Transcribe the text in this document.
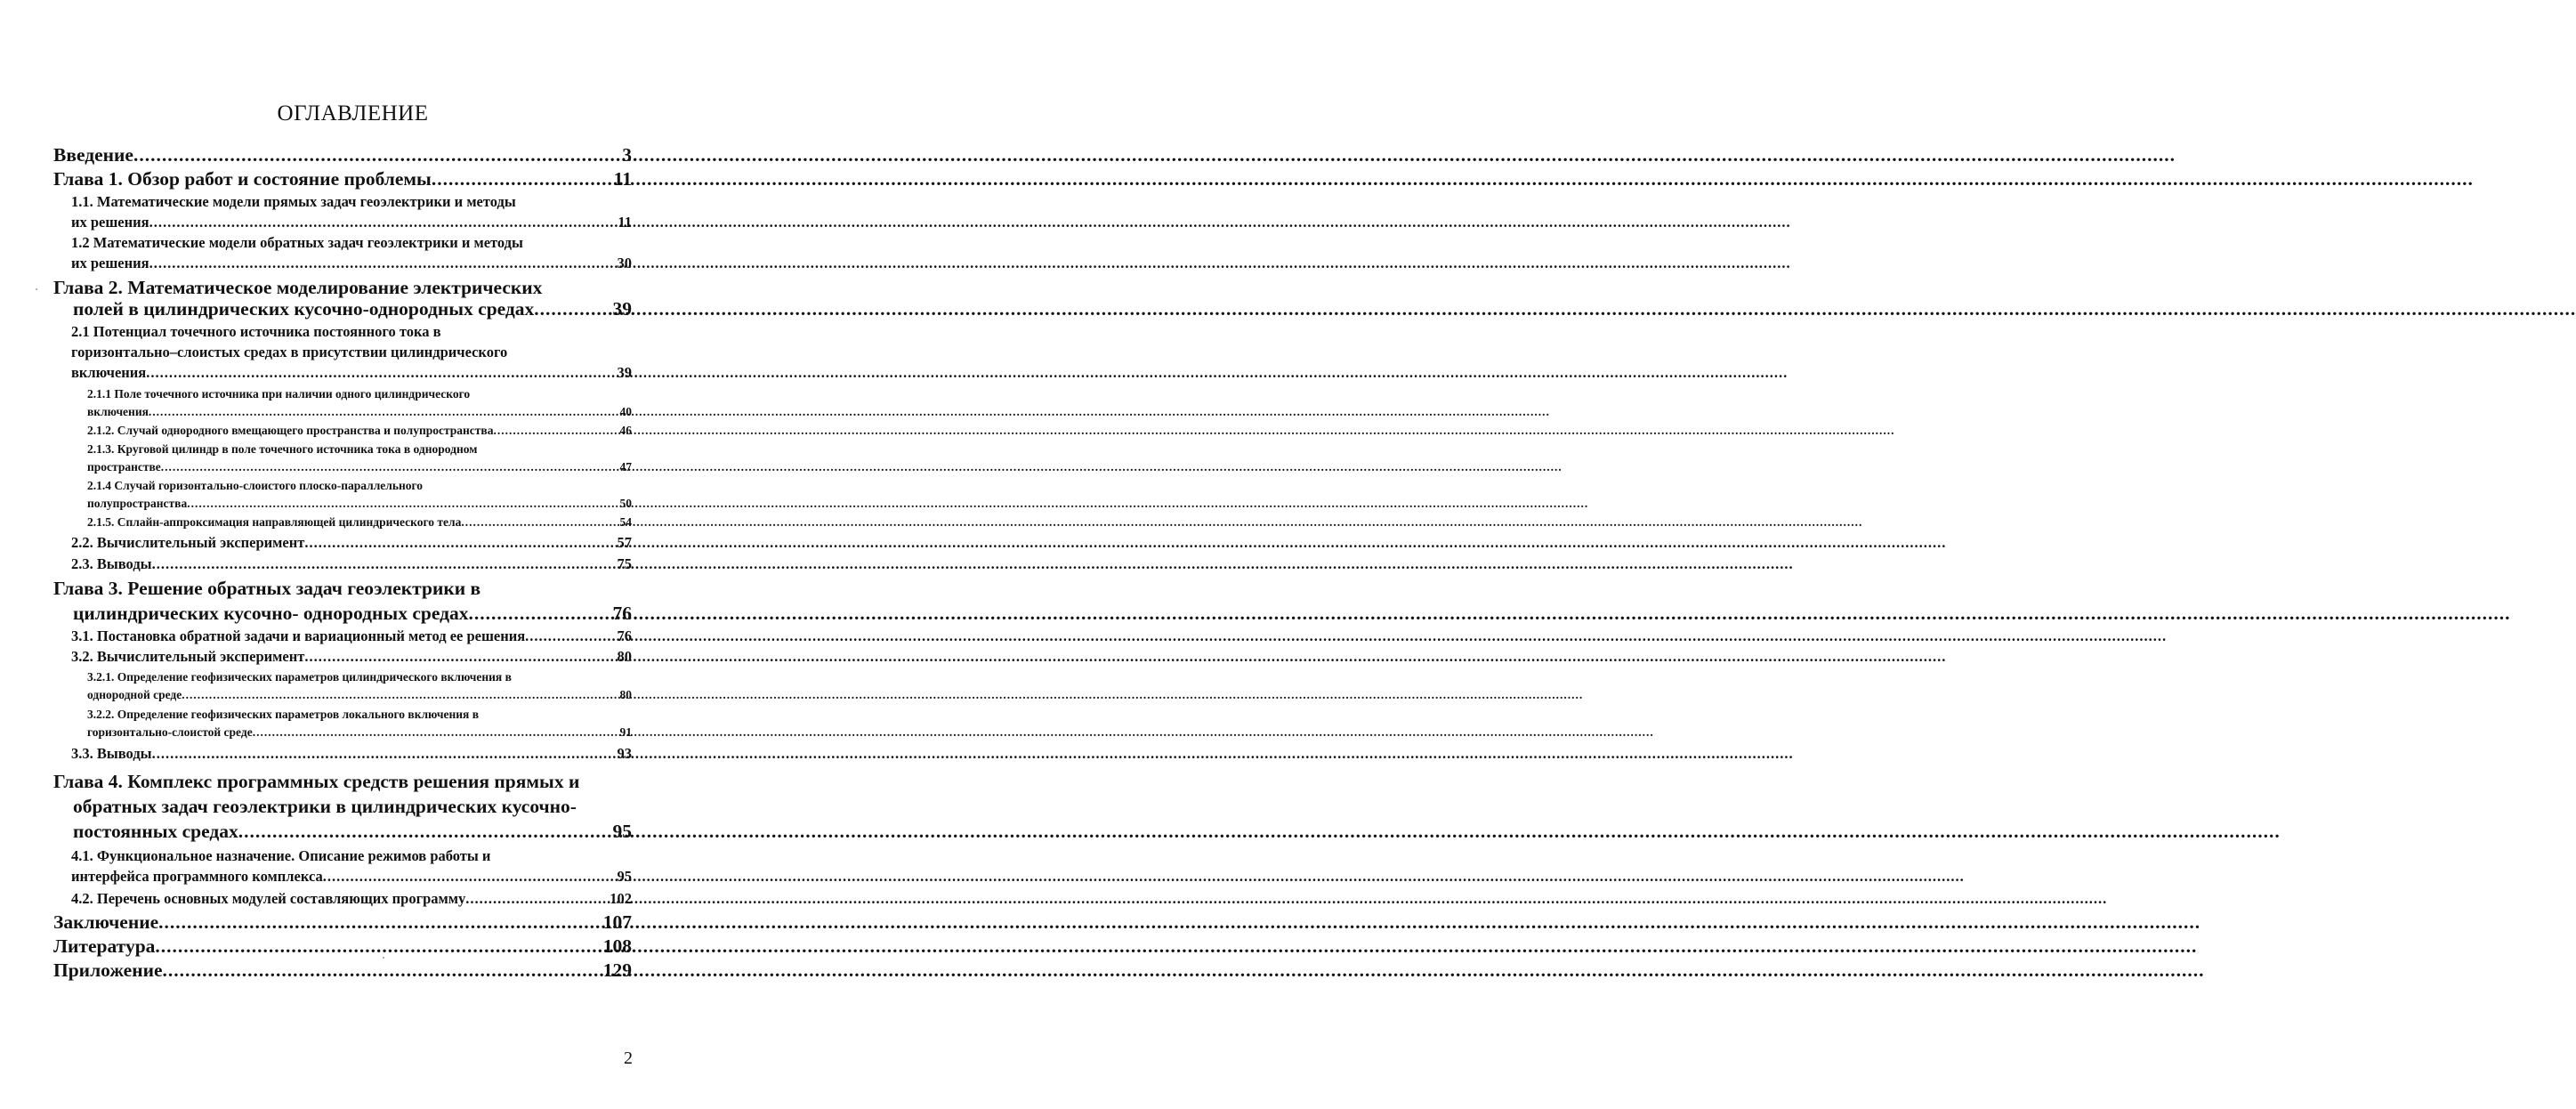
ОГЛАВЛЕНИЕ
Введение .....	3
Глава 1. Обзор работ и состояние проблемы .....	11
1.1. Математические модели прямых задач геоэлектрики и методы
их решения .....	11
1.2 Математические модели обратных задач геоэлектрики и методы
их решения .....	30
Глава 2. Математическое моделирование электрических
полей в цилиндрических кусочно-однородных средах .....	39
2.1 Потенциал точечного источника постоянного тока в
горизонтально–слоистых средах в присутствии цилиндрического
включения .....	39
2.1.1 Поле точечного источника при наличии одного цилиндрического
включения .....	40
2.1.2. Случай однородного вмещающего пространства и полупространства .....	46
2.1.3. Круговой цилиндр в поле точечного источника тока в однородном
пространстве .....	47
2.1.4 Случай горизонтально-слоистого плоско-параллельного
полупространства .....	50
2.1.5. Сплайн-аппроксимация направляющей цилиндрического тела .....	54
2.2. Вычислительный эксперимент .....	57
2.3. Выводы .....	75
Глава 3. Решение обратных задач геоэлектрики в
цилиндрических кусочно- однородных средах .....	76
3.1. Постановка обратной задачи и вариационный метод ее решения .....	76
3.2. Вычислительный эксперимент .....	80
3.2.1. Определение геофизических параметров цилиндрического включения в
однородной среде .....	80
3.2.2. Определение геофизических параметров локального включения в
горизонтально-слоистой среде .....	91
3.3. Выводы .....	93
Глава 4. Комплекс программных средств решения прямых и
обратных задач геоэлектрики в цилиндрических кусочно-
постоянных средах .....	95
4.1. Функциональное назначение. Описание режимов работы и
интерфейса программного комплекса .....	95
4.2. Перечень основных модулей составляющих программу .....	102
Заключение .....	107
Литература .....	108
Приложение .....	129
2
